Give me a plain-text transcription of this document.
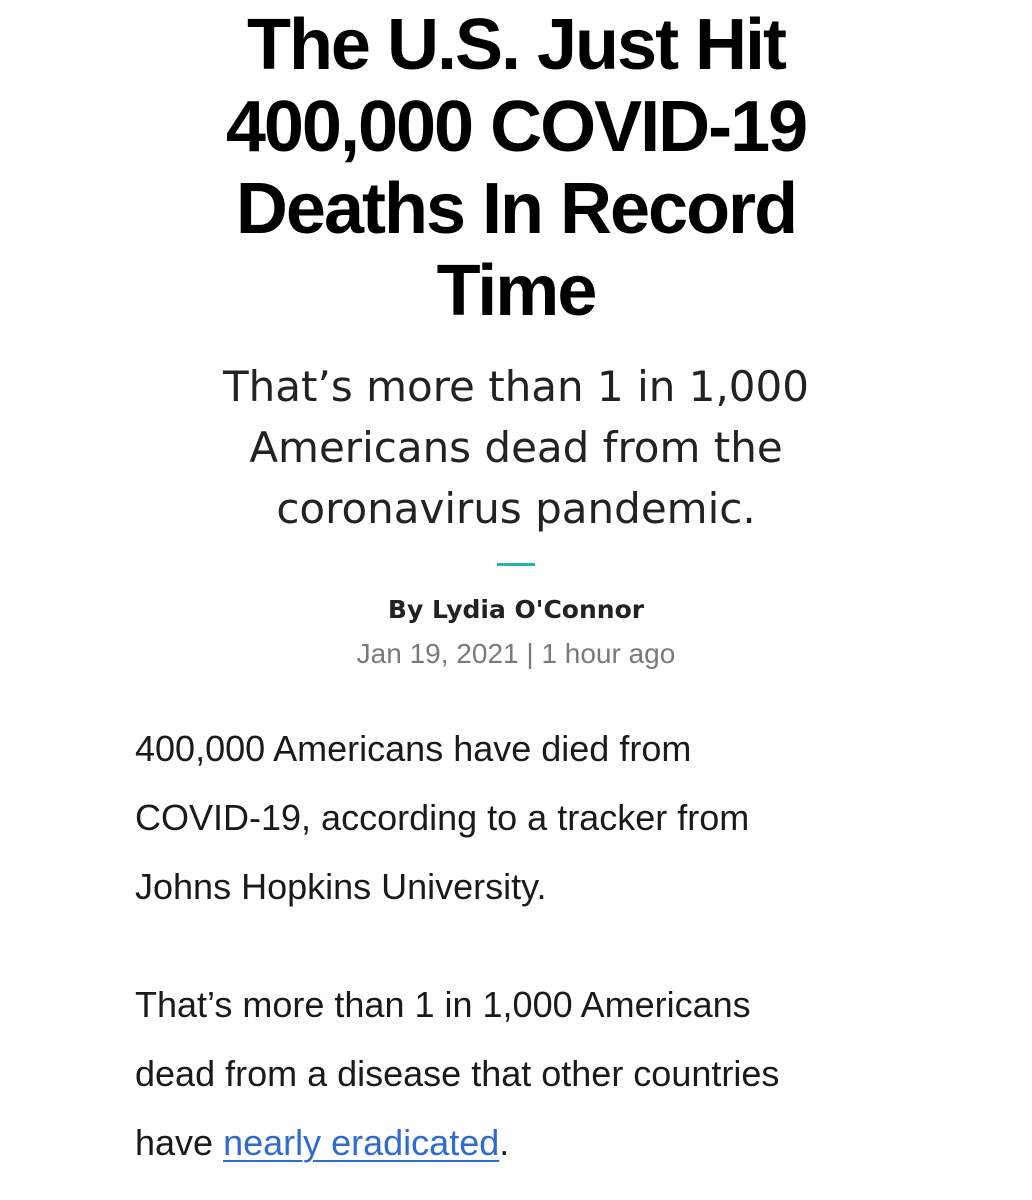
The U.S. Just Hit
400,000 COVID-19
Deaths In Record
Time

That’s more than 1 in 1,000
Americans dead from the
coronavirus pandemic.

By Lydia O'Connor
Jan 19, 2021 | 1 hour ago

400,000 Americans have died from
COVID-19, according to a tracker from
Johns Hopkins University.

That’s more than 1 in 1,000 Americans
dead from a disease that other countries
have nearly eradicated.
